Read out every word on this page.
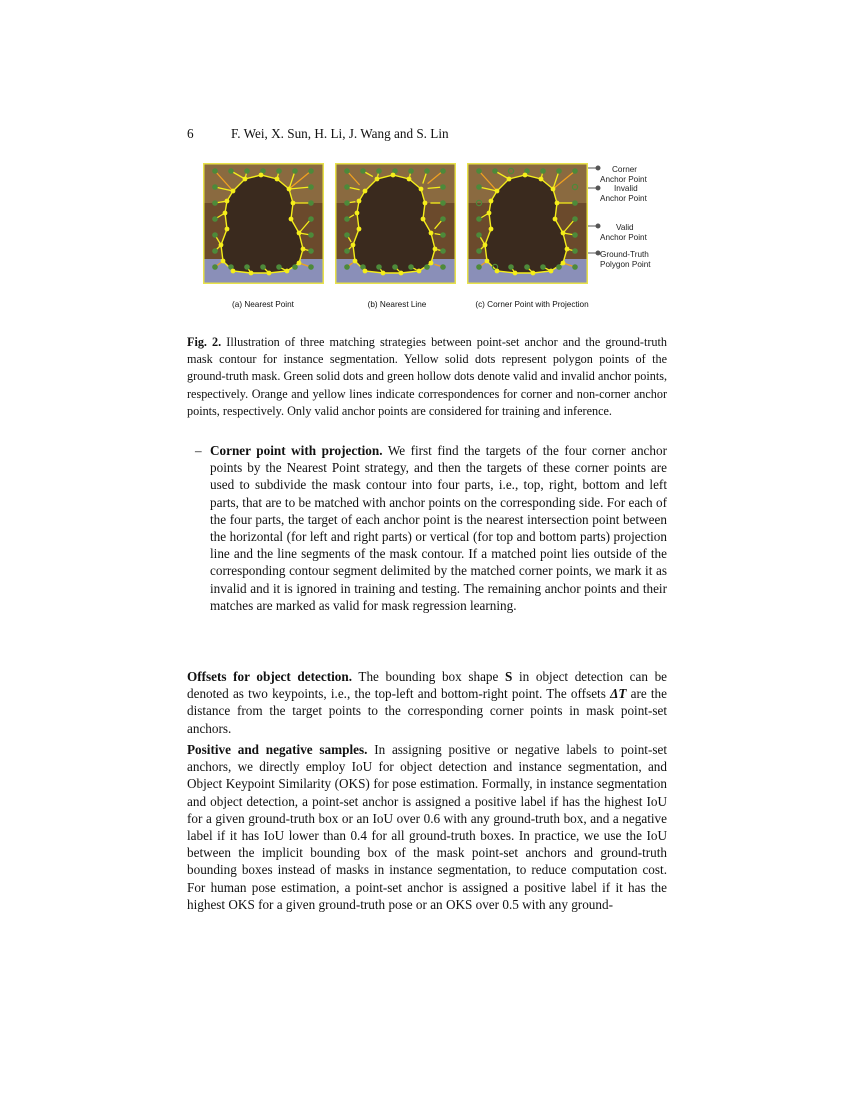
6	F. Wei, X. Sun, H. Li, J. Wang and S. Lin
Corner
Anchor Point
Invalid
Anchor Point
Valid
Anchor Point
Ground-Truth
Polygon Point
(a) Nearest Point	(b) Nearest Line	(c) Corner Point with Projection
Fig. 2. Illustration of three matching strategies between point-set anchor and the ground-truth mask contour for instance segmentation. Yellow solid dots represent polygon points of the ground-truth mask. Green solid dots and green hollow dots denote valid and invalid anchor points, respectively. Orange and yellow lines indicate correspondences for corner and non-corner anchor points, respectively. Only valid anchor points are considered for training and inference.
– Corner point with projection. We first find the targets of the four corner anchor points by the Nearest Point strategy, and then the targets of these corner points are used to subdivide the mask contour into four parts, i.e., top, right, bottom and left parts, that are to be matched with anchor points on the corresponding side. For each of the four parts, the target of each anchor point is the nearest intersection point between the horizontal (for left and right parts) or vertical (for top and bottom parts) projection line and the line segments of the mask contour. If a matched point lies outside of the corresponding contour segment delimited by the matched corner points, we mark it as invalid and it is ignored in training and testing. The remaining anchor points and their matches are marked as valid for mask regression learning.
Offsets for object detection. The bounding box shape S in object detection can be denoted as two keypoints, i.e., the top-left and bottom-right point. The offsets ΔT are the distance from the target points to the corresponding corner points in mask point-set anchors.
Positive and negative samples. In assigning positive or negative labels to point-set anchors, we directly employ IoU for object detection and instance segmentation, and Object Keypoint Similarity (OKS) for pose estimation. Formally, in instance segmentation and object detection, a point-set anchor is assigned a positive label if has the highest IoU for a given ground-truth box or an IoU over 0.6 with any ground-truth box, and a negative label if it has IoU lower than 0.4 for all ground-truth boxes. In practice, we use the IoU between the implicit bounding box of the mask point-set anchors and ground-truth bounding boxes instead of masks in instance segmentation, to reduce computation cost. For human pose estimation, a point-set anchor is assigned a positive label if it has the highest OKS for a given ground-truth pose or an OKS over 0.5 with any ground-
